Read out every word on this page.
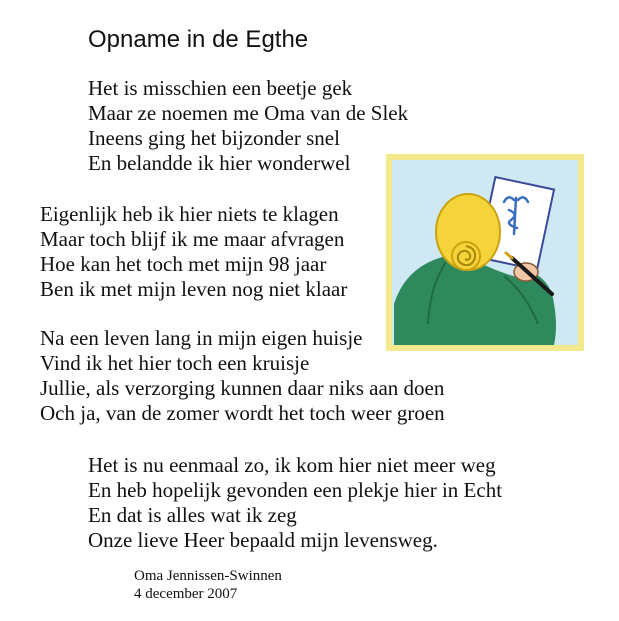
Opname in de Egthe
Het is misschien een beetje gek
Maar ze noemen me Oma van de Slek
Ineens ging het bijzonder snel
En belandde ik hier wonderwel
Eigenlijk heb ik hier niets te klagen
Maar toch blijf ik me maar afvragen
Hoe kan het toch met mijn 98 jaar
Ben ik met mijn leven nog niet klaar
Na een leven lang in mijn eigen huisje
Vind ik het hier toch een kruisje
Jullie, als verzorging kunnen daar niks aan doen
Och ja, van de zomer wordt het toch weer groen
Het is nu eenmaal zo, ik kom hier niet meer weg
En heb hopelijk gevonden een plekje hier in Echt
En dat is alles wat ik zeg
Onze lieve Heer bepaald mijn levensweg.
Oma Jennissen-Swinnen
4 december 2007
